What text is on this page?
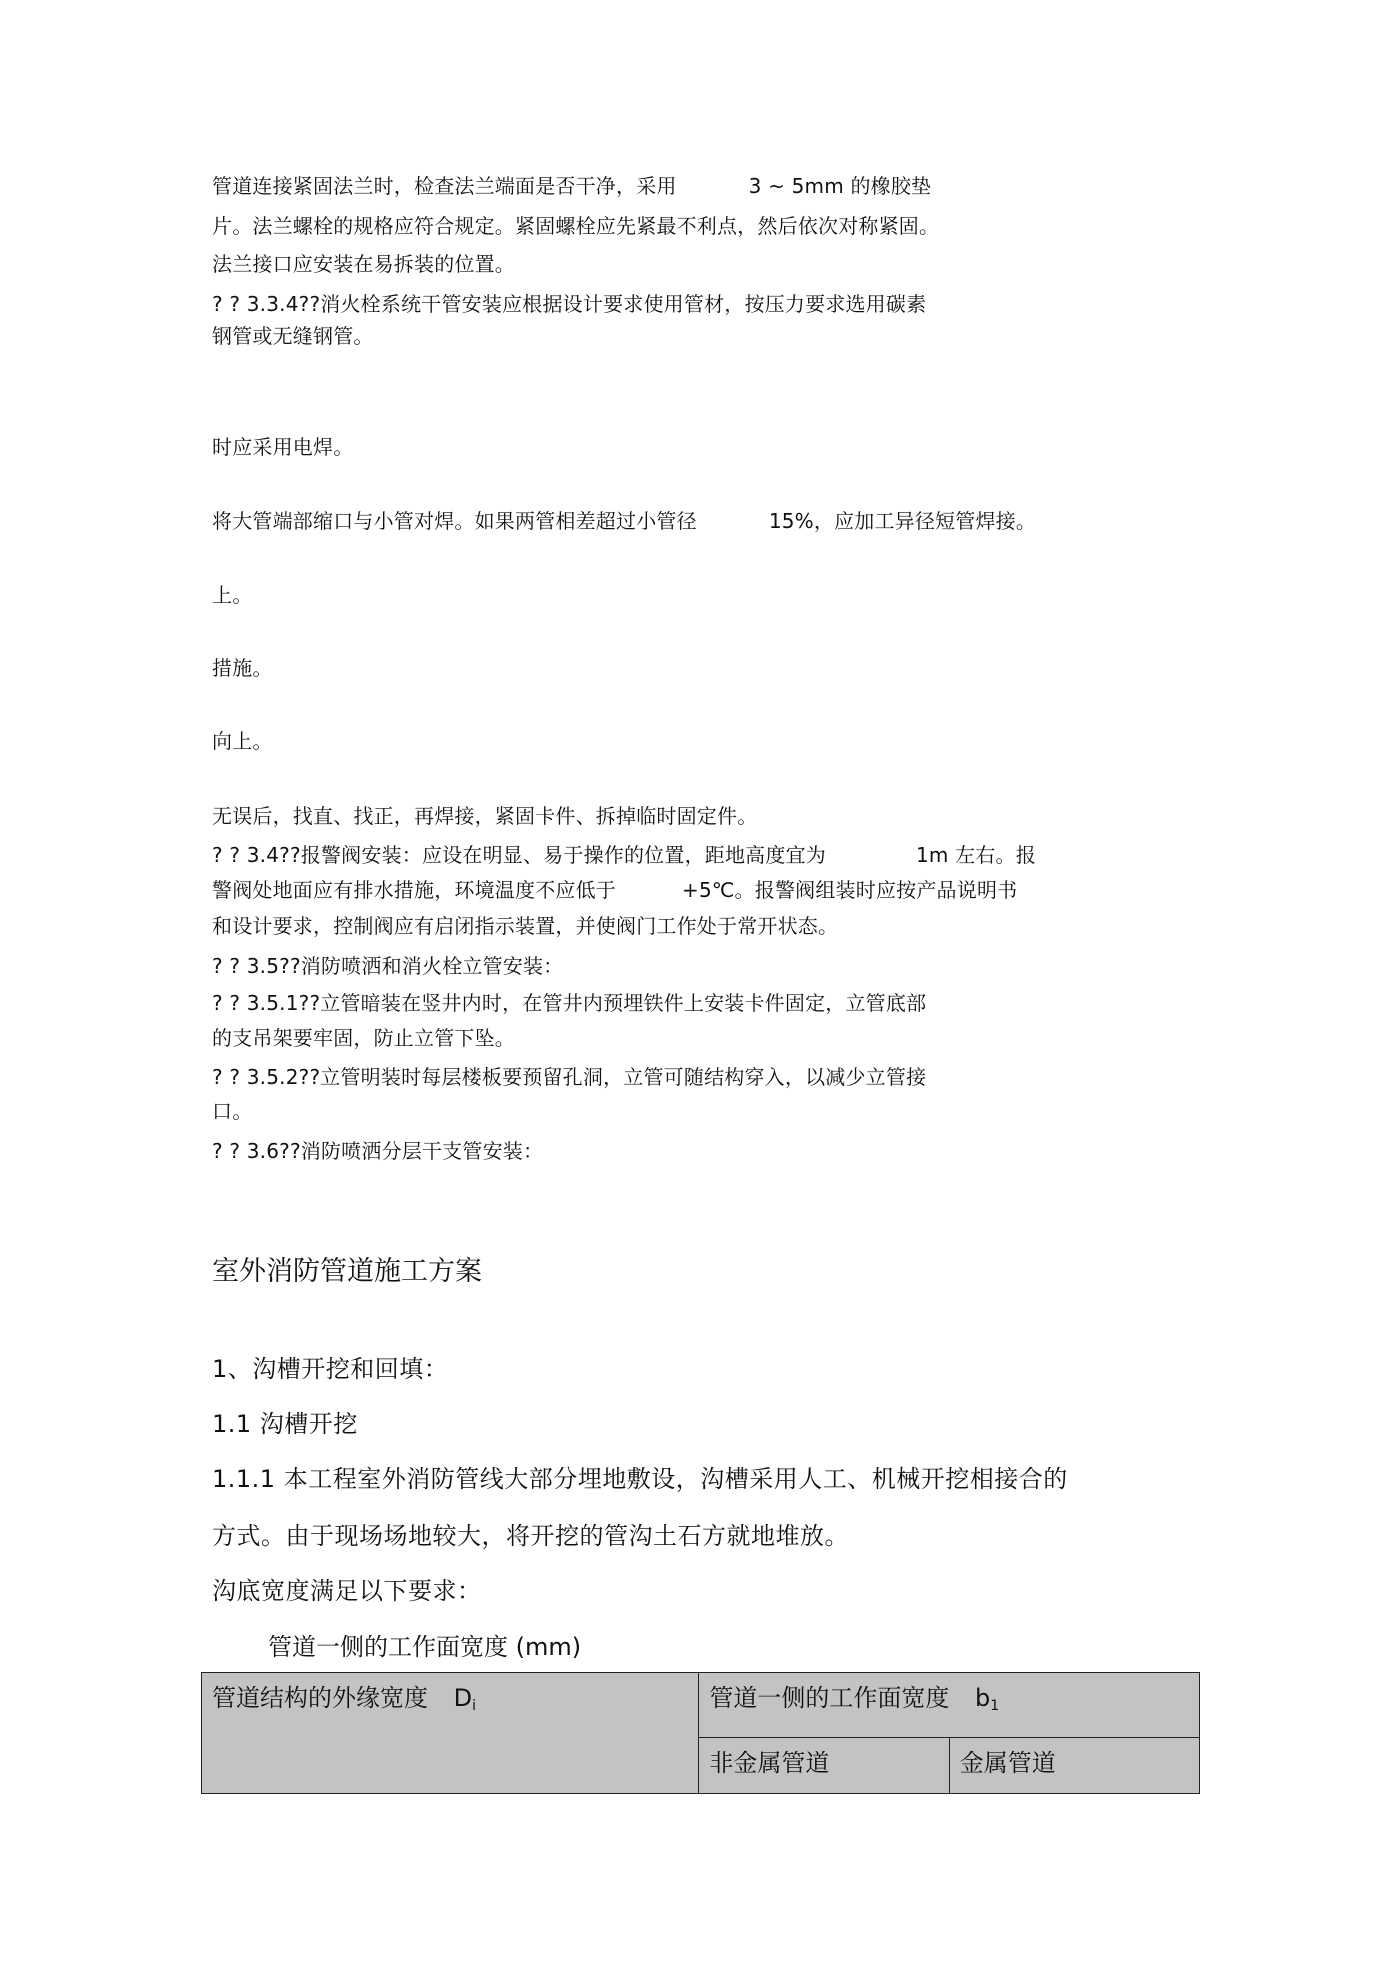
管道连接紧固法兰时，检查法兰端面是否干净，采用	3 ~ 5mm 的橡胶垫
片。法兰螺栓的规格应符合规定。紧固螺栓应先紧最不利点，然后依次对称紧固。
法兰接口应安装在易拆装的位置。
? ? 3.3.4??消火栓系统干管安装应根据设计要求使用管材，按压力要求选用碳素
钢管或无缝钢管。
时应采用电焊。
将大管端部缩口与小管对焊。如果两管相差超过小管径	15%，应加工异径短管焊接。
上。
措施。
向上。
无误后，找直、找正，再焊接，紧固卡件、拆掉临时固定件。
? ? 3.4??报警阀安装：应设在明显、易于操作的位置，距地高度宜为	1m 左右。报
警阀处地面应有排水措施，环境温度不应低于	+5℃。报警阀组装时应按产品说明书
和设计要求，控制阀应有启闭指示装置，并使阀门工作处于常开状态。
? ? 3.5??消防喷洒和消火栓立管安装：
? ? 3.5.1??立管暗装在竖井内时，在管井内预埋铁件上安装卡件固定，立管底部
的支吊架要牢固，防止立管下坠。
? ? 3.5.2??立管明装时每层楼板要预留孔洞，立管可随结构穿入，以减少立管接
口。
? ? 3.6??消防喷洒分层干支管安装：
室外消防管道施工方案
1、沟槽开挖和回填：
1.1 沟槽开挖
1.1.1 本工程室外消防管线大部分埋地敷设，沟槽采用人工、机械开挖相接合的
方式。由于现场场地较大，将开挖的管沟土石方就地堆放。
沟底宽度满足以下要求：
管道一侧的工作面宽度 (mm)
管道结构的外缘宽度 $D_i$	管道一侧的工作面宽度 $b_1$
	非金属管道	金属管道
